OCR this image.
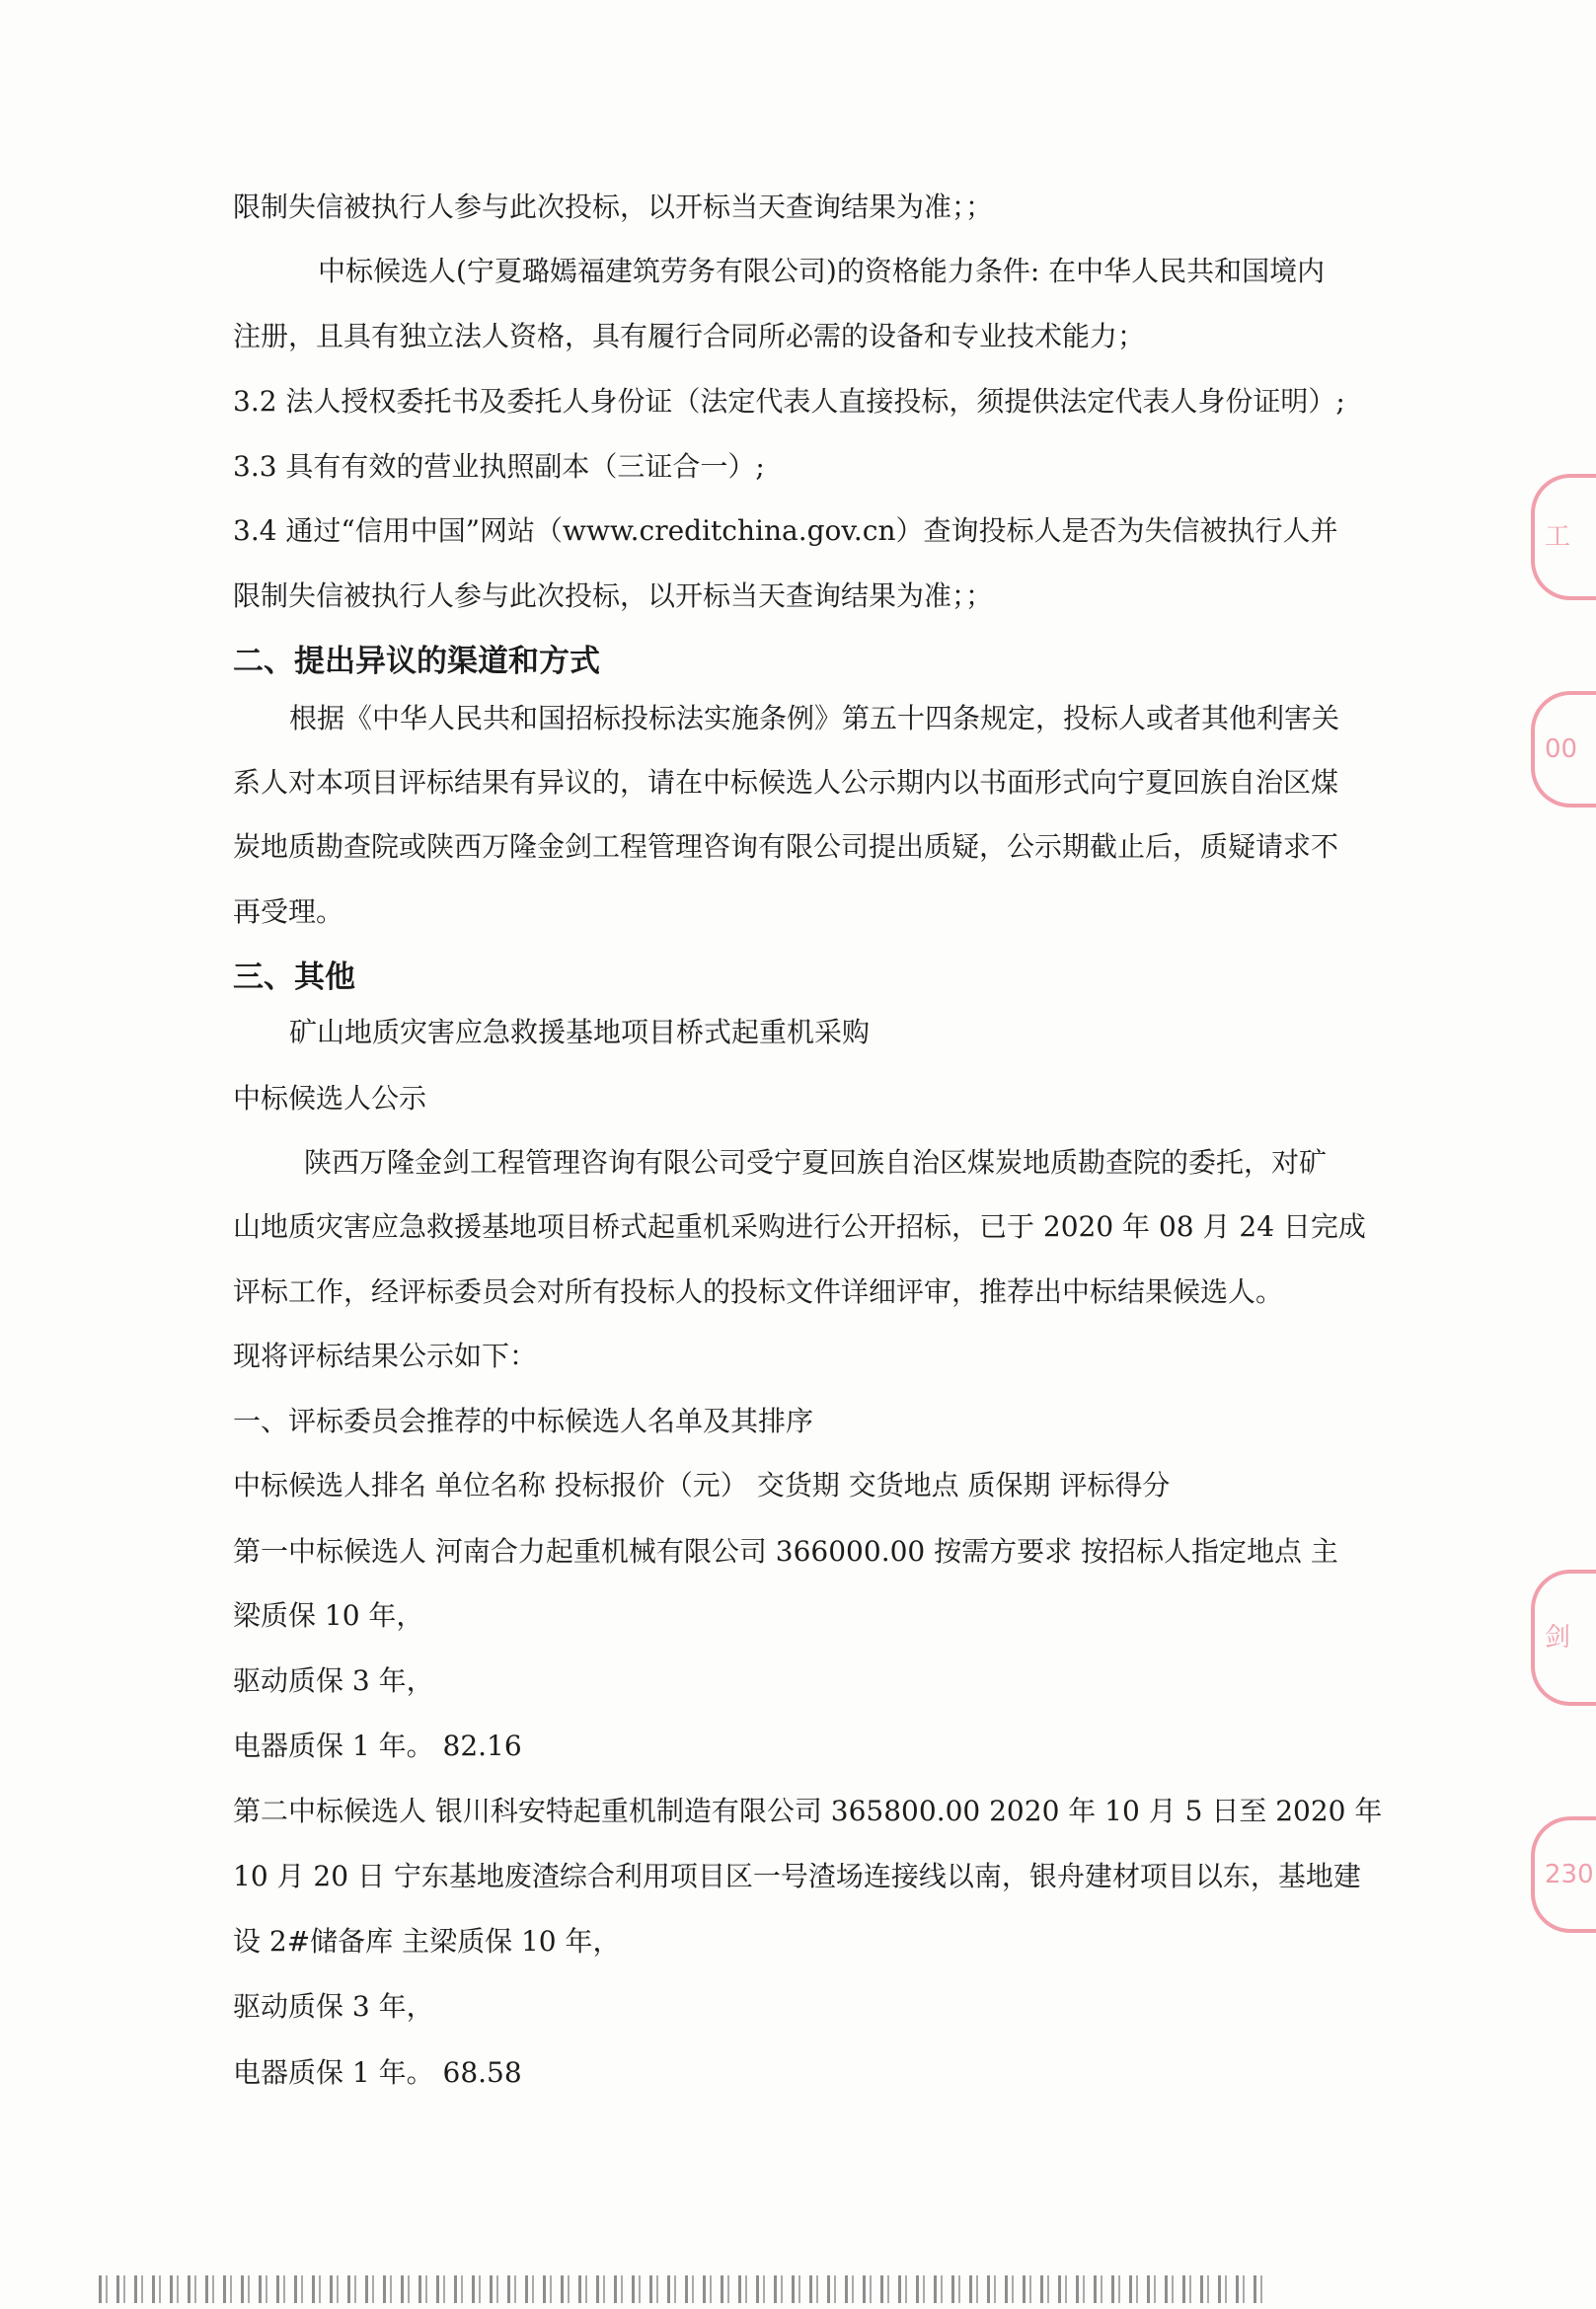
限制失信被执行人参与此次投标，以开标当天查询结果为准；；
中标候选人(宁夏璐嫣福建筑劳务有限公司)的资格能力条件: 在中华人民共和国境内
注册，且具有独立法人资格，具有履行合同所必需的设备和专业技术能力；
3.2 法人授权委托书及委托人身份证（法定代表人直接投标，须提供法定代表人身份证明）;
3.3 具有有效的营业执照副本（三证合一）;
3.4 通过“信用中国”网站（www.creditchina.gov.cn）查询投标人是否为失信被执行人并
限制失信被执行人参与此次投标，以开标当天查询结果为准；；
二、提出异议的渠道和方式
根据《中华人民共和国招标投标法实施条例》第五十四条规定，投标人或者其他利害关
系人对本项目评标结果有异议的，请在中标候选人公示期内以书面形式向宁夏回族自治区煤
炭地质勘查院或陕西万隆金剑工程管理咨询有限公司提出质疑，公示期截止后，质疑请求不
再受理。
三、其他
矿山地质灾害应急救援基地项目桥式起重机采购
中标候选人公示
陕西万隆金剑工程管理咨询有限公司受宁夏回族自治区煤炭地质勘查院的委托，对矿
山地质灾害应急救援基地项目桥式起重机采购进行公开招标，已于 2020 年 08 月 24 日完成
评标工作，经评标委员会对所有投标人的投标文件详细评审，推荐出中标结果候选人。
现将评标结果公示如下：
一、评标委员会推荐的中标候选人名单及其排序
中标候选人排名 单位名称 投标报价（元） 交货期 交货地点 质保期 评标得分
第一中标候选人 河南合力起重机械有限公司 366000.00 按需方要求 按招标人指定地点 主
梁质保 10 年，
驱动质保 3 年，
电器质保 1 年。 82.16
第二中标候选人 银川科安特起重机制造有限公司 365800.00 2020 年 10 月 5 日至 2020 年
10 月 20 日 宁东基地废渣综合利用项目区一号渣场连接线以南，银舟建材项目以东，基地建
设 2#储备库 主梁质保 10 年，
驱动质保 3 年，
电器质保 1 年。 68.58
工
00
剑
230
